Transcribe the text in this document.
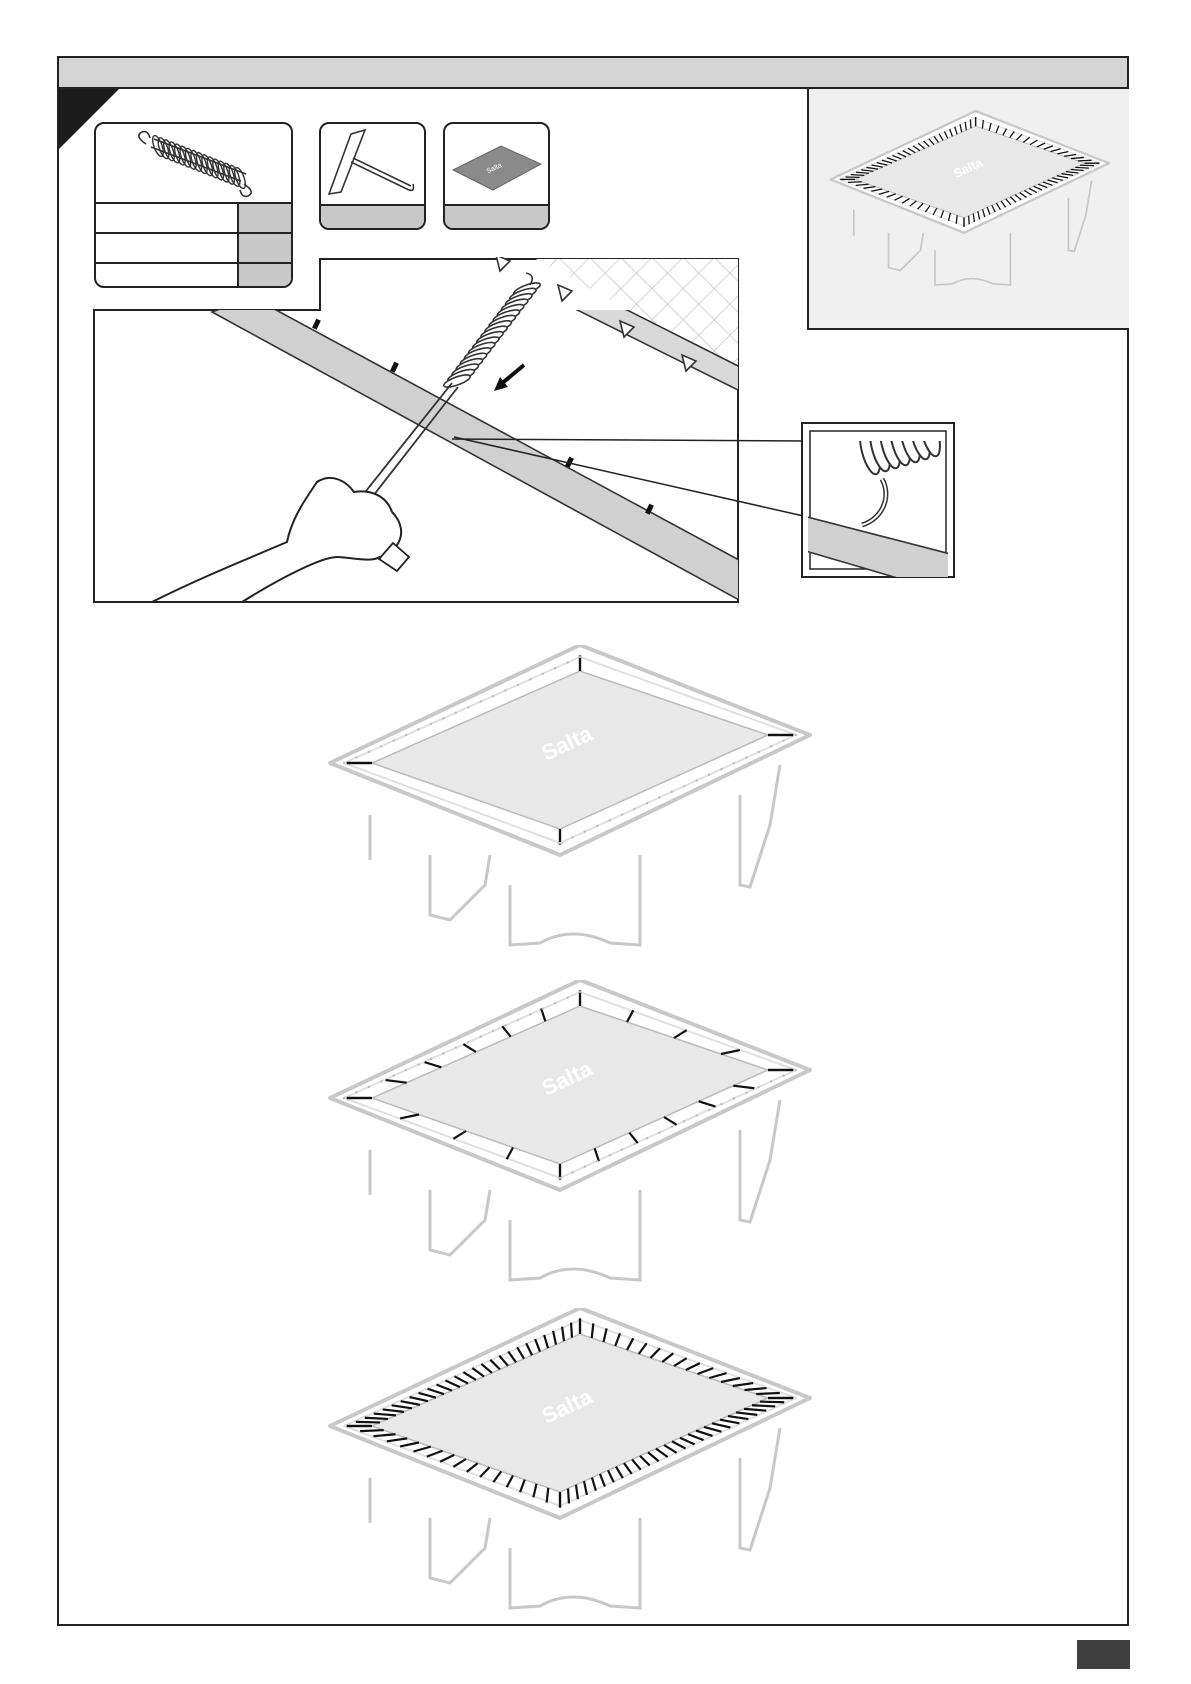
Salta	Salta
Salta
Salta
Salta
